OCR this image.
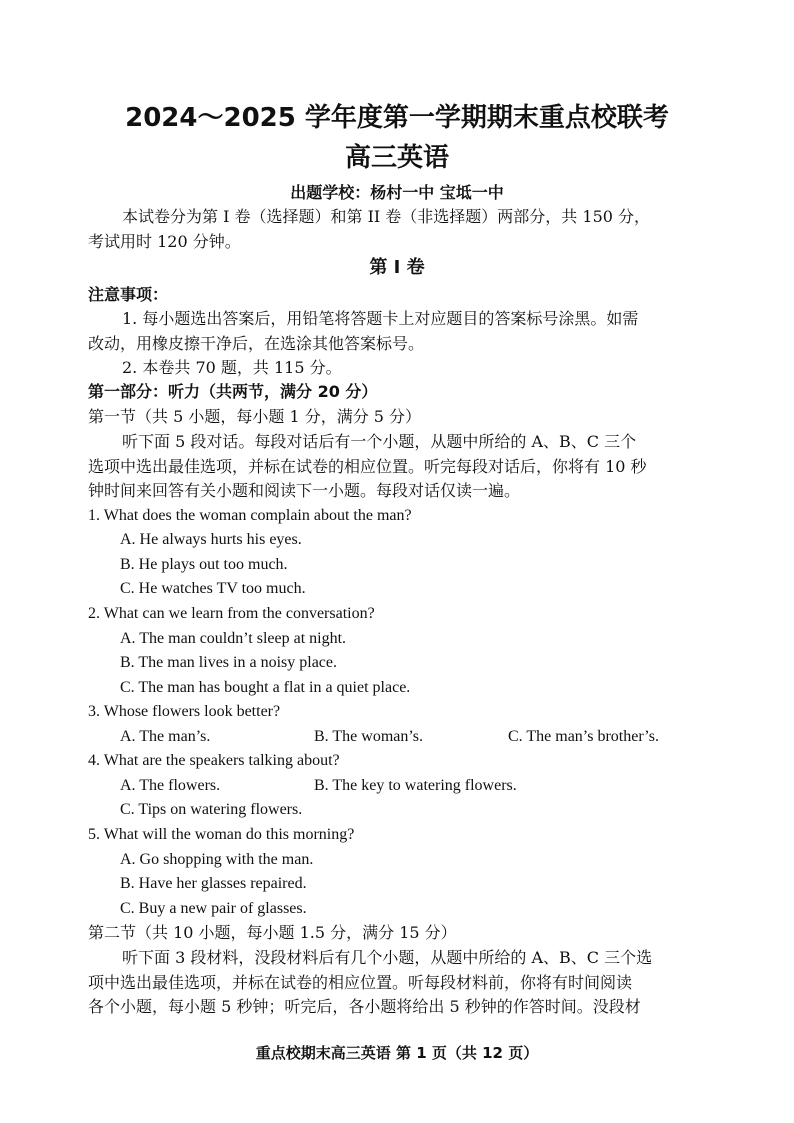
2024～2025 学年度第一学期期末重点校联考
高三英语
出题学校：杨村一中 宝坻一中
本试卷分为第 I 卷（选择题）和第 II 卷（非选择题）两部分，共 150 分，
考试用时 120 分钟。
第 I 卷
注意事项：
1. 每小题选出答案后，用铅笔将答题卡上对应题目的答案标号涂黑。如需
改动，用橡皮擦干净后，在选涂其他答案标号。
2. 本卷共 70 题，共 115 分。
第一部分：听力（共两节，满分 20 分）
第一节（共 5 小题，每小题 1 分，满分 5 分）
听下面 5 段对话。每段对话后有一个小题，从题中所给的 A、B、C 三个
选项中选出最佳选项，并标在试卷的相应位置。听完每段对话后，你将有 10 秒
钟时间来回答有关小题和阅读下一小题。每段对话仅读一遍。
1. What does the woman complain about the man?
A. He always hurts his eyes.
B. He plays out too much.
C. He watches TV too much.
2. What can we learn from the conversation?
A. The man couldn’t sleep at night.
B. The man lives in a noisy place.
C. The man has bought a flat in a quiet place.
3. Whose flowers look better?
A. The man’s.	B. The woman’s.	C. The man’s brother’s.
4. What are the speakers talking about?
A. The flowers.	B. The key to watering flowers.
C. Tips on watering flowers.
5. What will the woman do this morning?
A. Go shopping with the man.
B. Have her glasses repaired.
C. Buy a new pair of glasses.
第二节（共 10 小题，每小题 1.5 分，满分 15 分）
听下面 3 段材料，没段材料后有几个小题，从题中所给的 A、B、C 三个选
项中选出最佳选项，并标在试卷的相应位置。听每段材料前，你将有时间阅读
各个小题，每小题 5 秒钟；听完后，各小题将给出 5 秒钟的作答时间。没段材
重点校期末高三英语 第 1 页（共 12 页）
